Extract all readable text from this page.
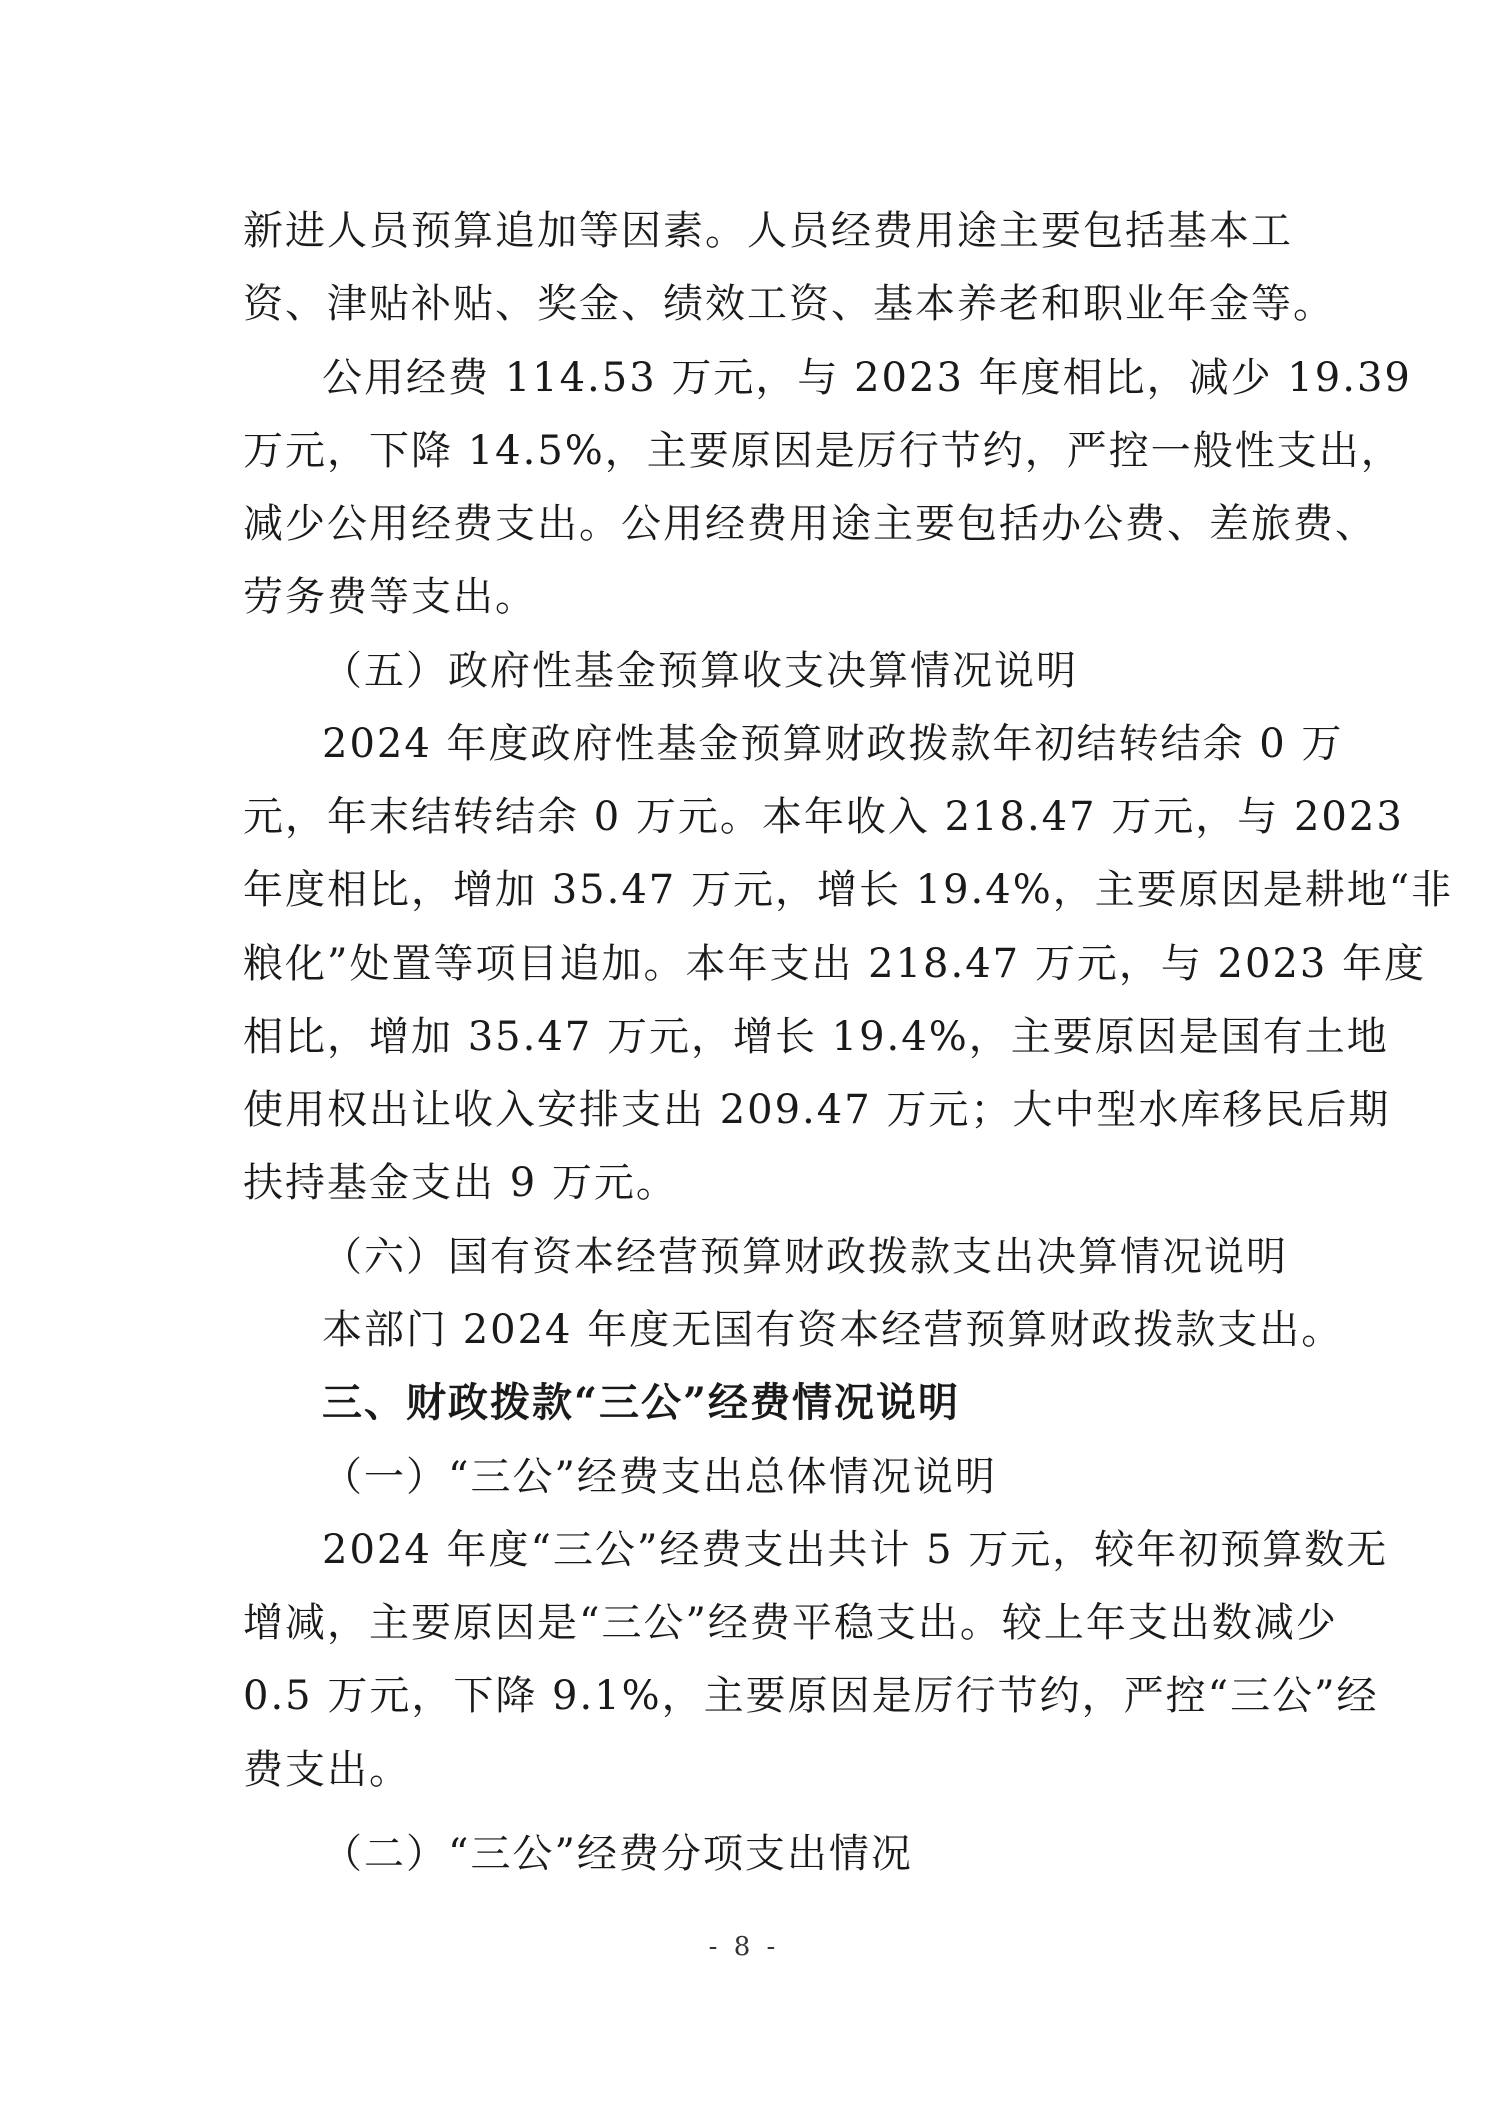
新进人员预算追加等因素。人员经费用途主要包括基本工
资、津贴补贴、奖金、绩效工资、基本养老和职业年金等。
公用经费 114.53 万元，与 2023 年度相比，减少 19.39
万元，下降 14.5%，主要原因是厉行节约，严控一般性支出，
减少公用经费支出。公用经费用途主要包括办公费、差旅费、
劳务费等支出。
（五）政府性基金预算收支决算情况说明
2024 年度政府性基金预算财政拨款年初结转结余 0 万
元，年末结转结余 0 万元。本年收入 218.47 万元，与 2023
年度相比，增加 35.47 万元，增长 19.4%，主要原因是耕地“非
粮化”处置等项目追加。本年支出 218.47 万元，与 2023 年度
相比，增加 35.47 万元，增长 19.4%，主要原因是国有土地
使用权出让收入安排支出 209.47 万元；大中型水库移民后期
扶持基金支出 9 万元。
（六）国有资本经营预算财政拨款支出决算情况说明
本部门 2024 年度无国有资本经营预算财政拨款支出。
三、财政拨款“三公”经费情况说明
（一）“三公”经费支出总体情况说明
2024 年度“三公”经费支出共计 5 万元，较年初预算数无
增减，主要原因是“三公”经费平稳支出。较上年支出数减少
0.5 万元，下降 9.1%，主要原因是厉行节约，严控“三公”经
费支出。
（二）“三公”经费分项支出情况
- 8 -
